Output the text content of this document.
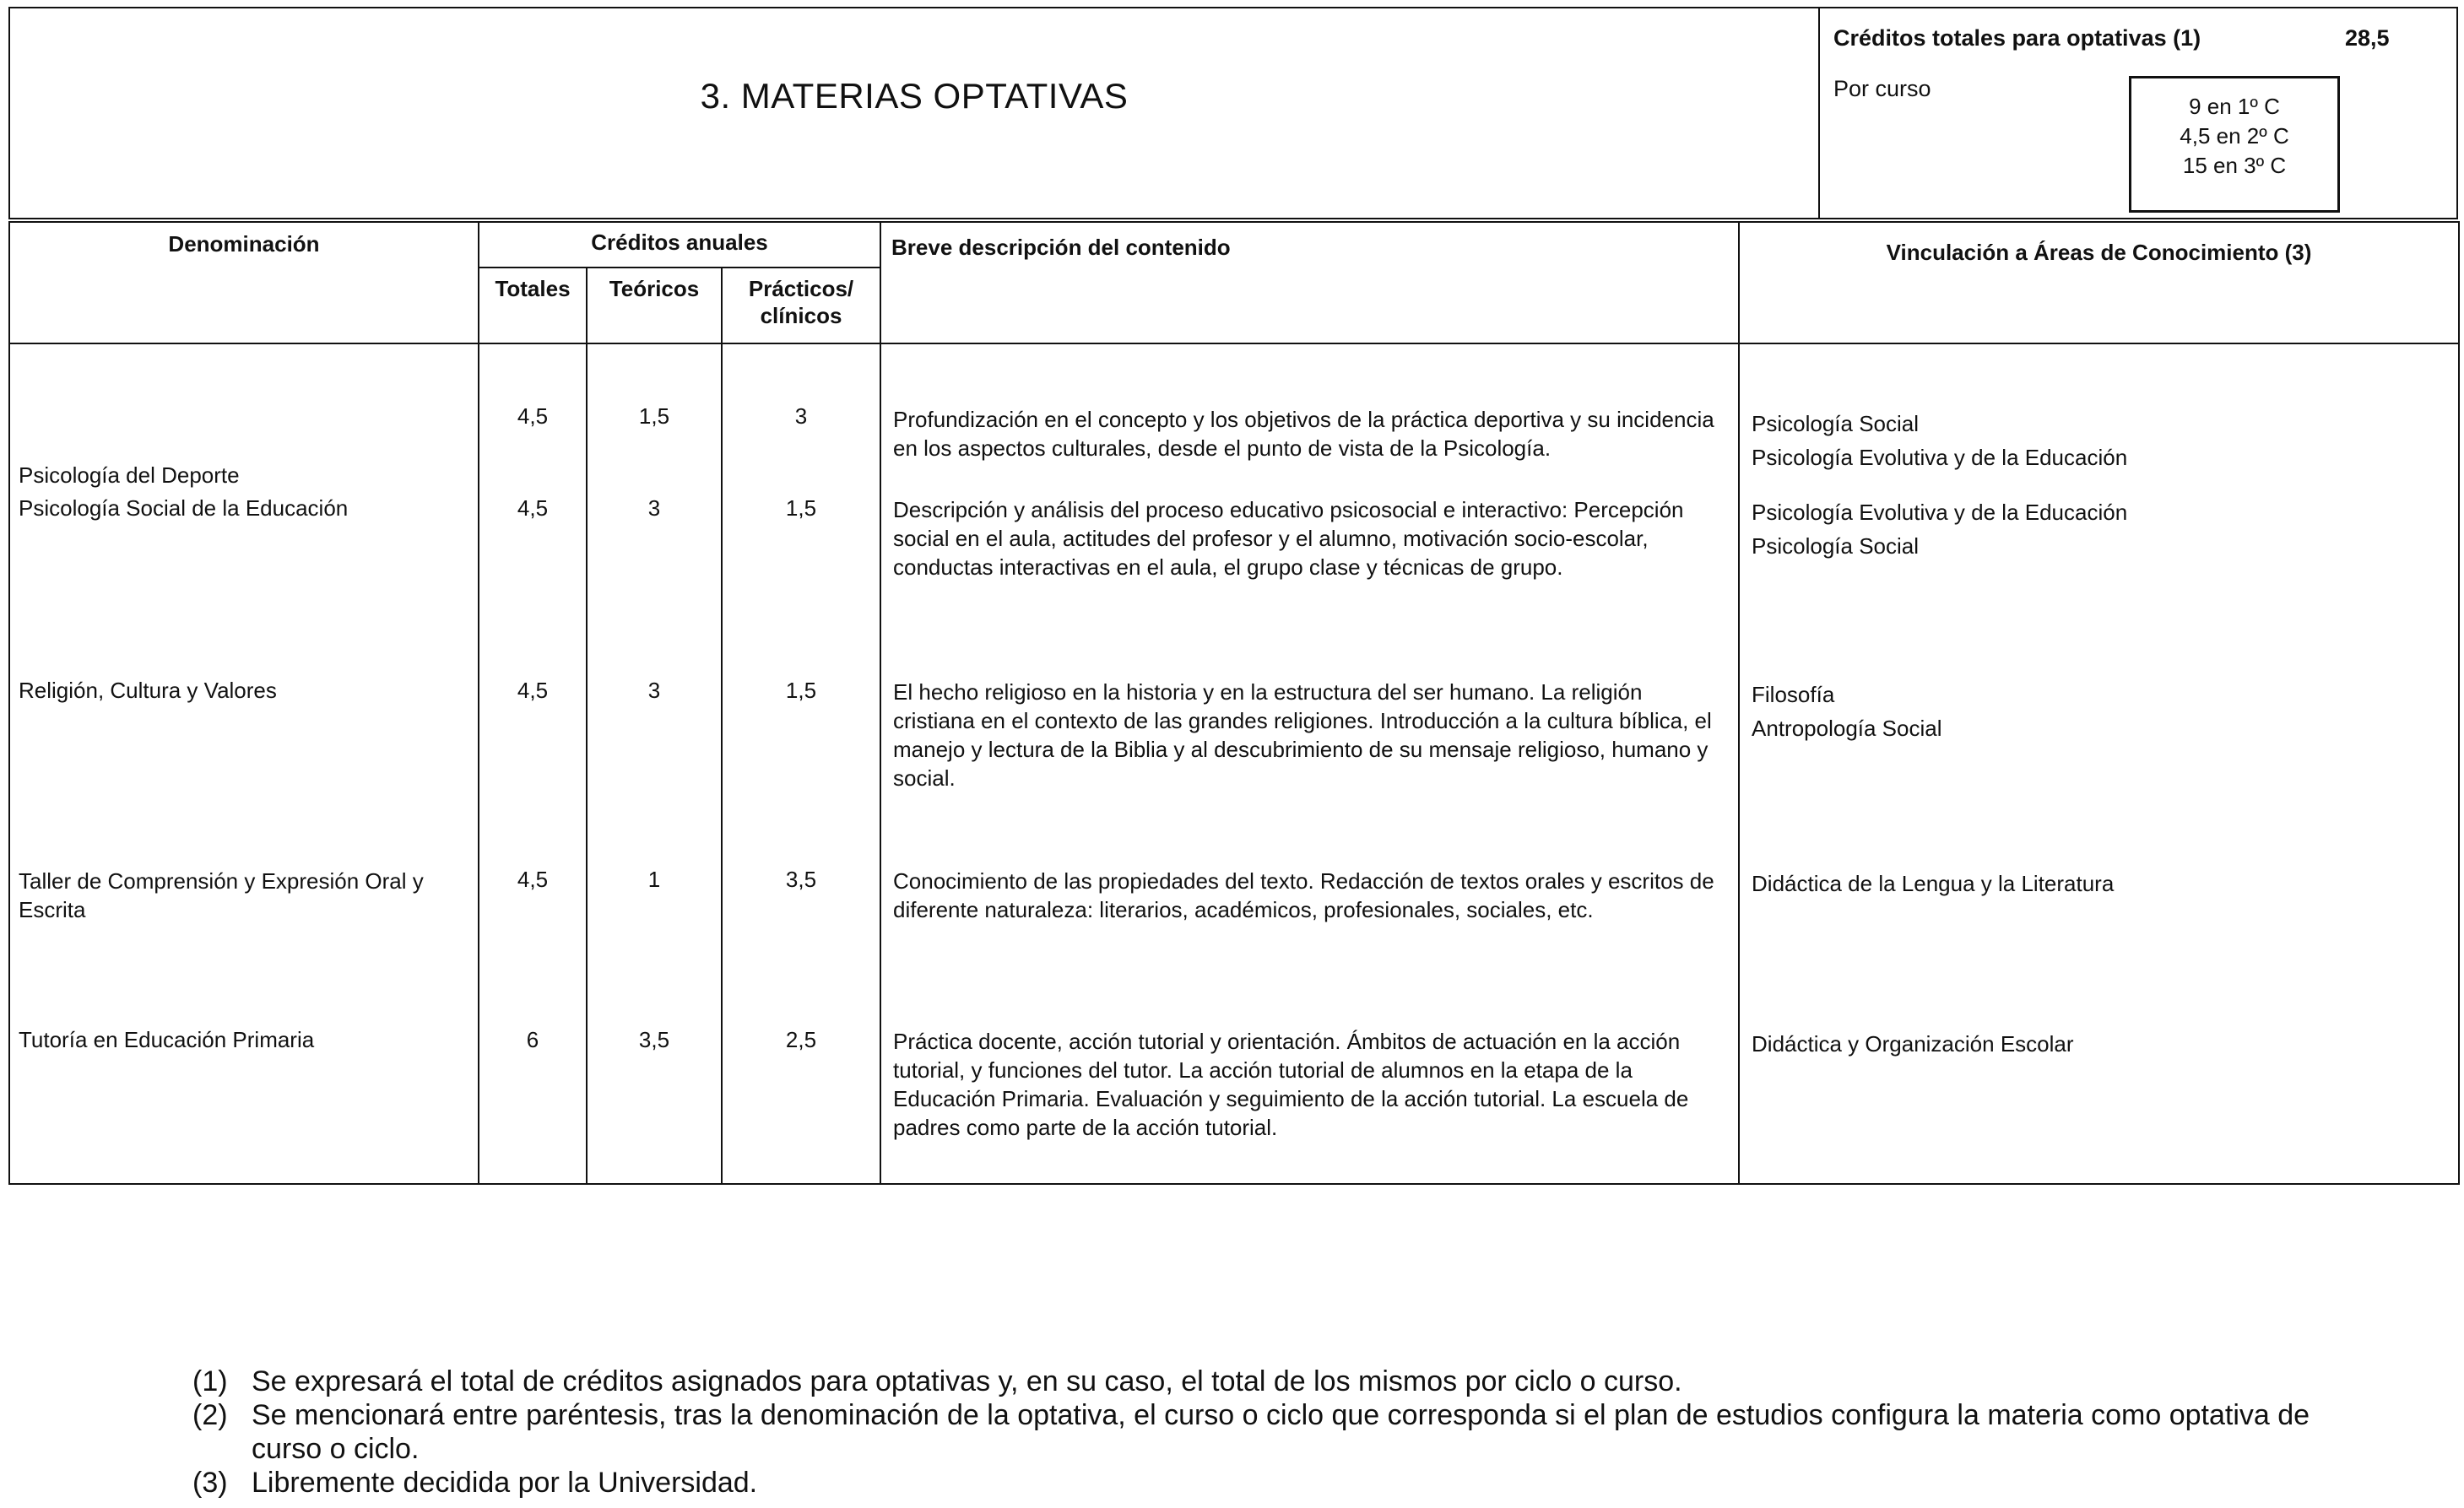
3. MATERIAS OPTATIVAS
Créditos totales para optativas (1)	28,5
Por curso
9 en 1º C
4,5 en 2º C
15 en 3º C
Denominación	Créditos anuales			Breve descripción del contenido	Vinculación a Áreas de Conocimiento (3)
	Totales	Teóricos	Prácticos/ clínicos		

Psicología del Deporte	4,5	1,5	3	Profundización en el concepto y los objetivos de la práctica deportiva y su incidencia en los aspectos culturales, desde el punto de vista de la Psicología.	Psicología Social
Psicología Evolutiva y de la Educación

Psicología Social de la Educación	4,5	3	1,5	Descripción y análisis del proceso educativo psicosocial e interactivo: Percepción social en el aula, actitudes del profesor y el alumno, motivación socio-escolar, conductas interactivas en el aula, el grupo clase y técnicas de grupo.	Psicología Evolutiva y de la Educación
Psicología Social

Religión, Cultura y Valores	4,5	3	1,5	El hecho religioso en la historia y en la estructura del ser humano. La religión cristiana en el contexto de las grandes religiones. Introducción a la cultura bíblica, el manejo y lectura de la Biblia y al descubrimiento de su mensaje religioso, humano y social.	Filosofía
Antropología Social

Taller de Comprensión y Expresión Oral y Escrita	4,5	1	3,5	Conocimiento de las propiedades del texto. Redacción de textos orales y escritos de diferente naturaleza: literarios, académicos, profesionales, sociales, etc.	Didáctica de la Lengua y la Literatura

Tutoría en Educación Primaria	6	3,5	2,5	Práctica docente, acción tutorial y orientación. Ámbitos de actuación en la acción tutorial, y funciones del tutor. La acción tutorial de alumnos en la etapa de la Educación Primaria. Evaluación y seguimiento de la acción tutorial. La escuela de padres como parte de la acción tutorial.	Didáctica y Organización Escolar
(1) Se expresará el total de créditos asignados para optativas y, en su caso, el total de los mismos por ciclo o curso.
(2) Se mencionará entre paréntesis, tras la denominación de la optativa, el curso o ciclo que corresponda si el plan de estudios configura la materia como optativa de curso o ciclo.
(3) Libremente decidida por la Universidad.
